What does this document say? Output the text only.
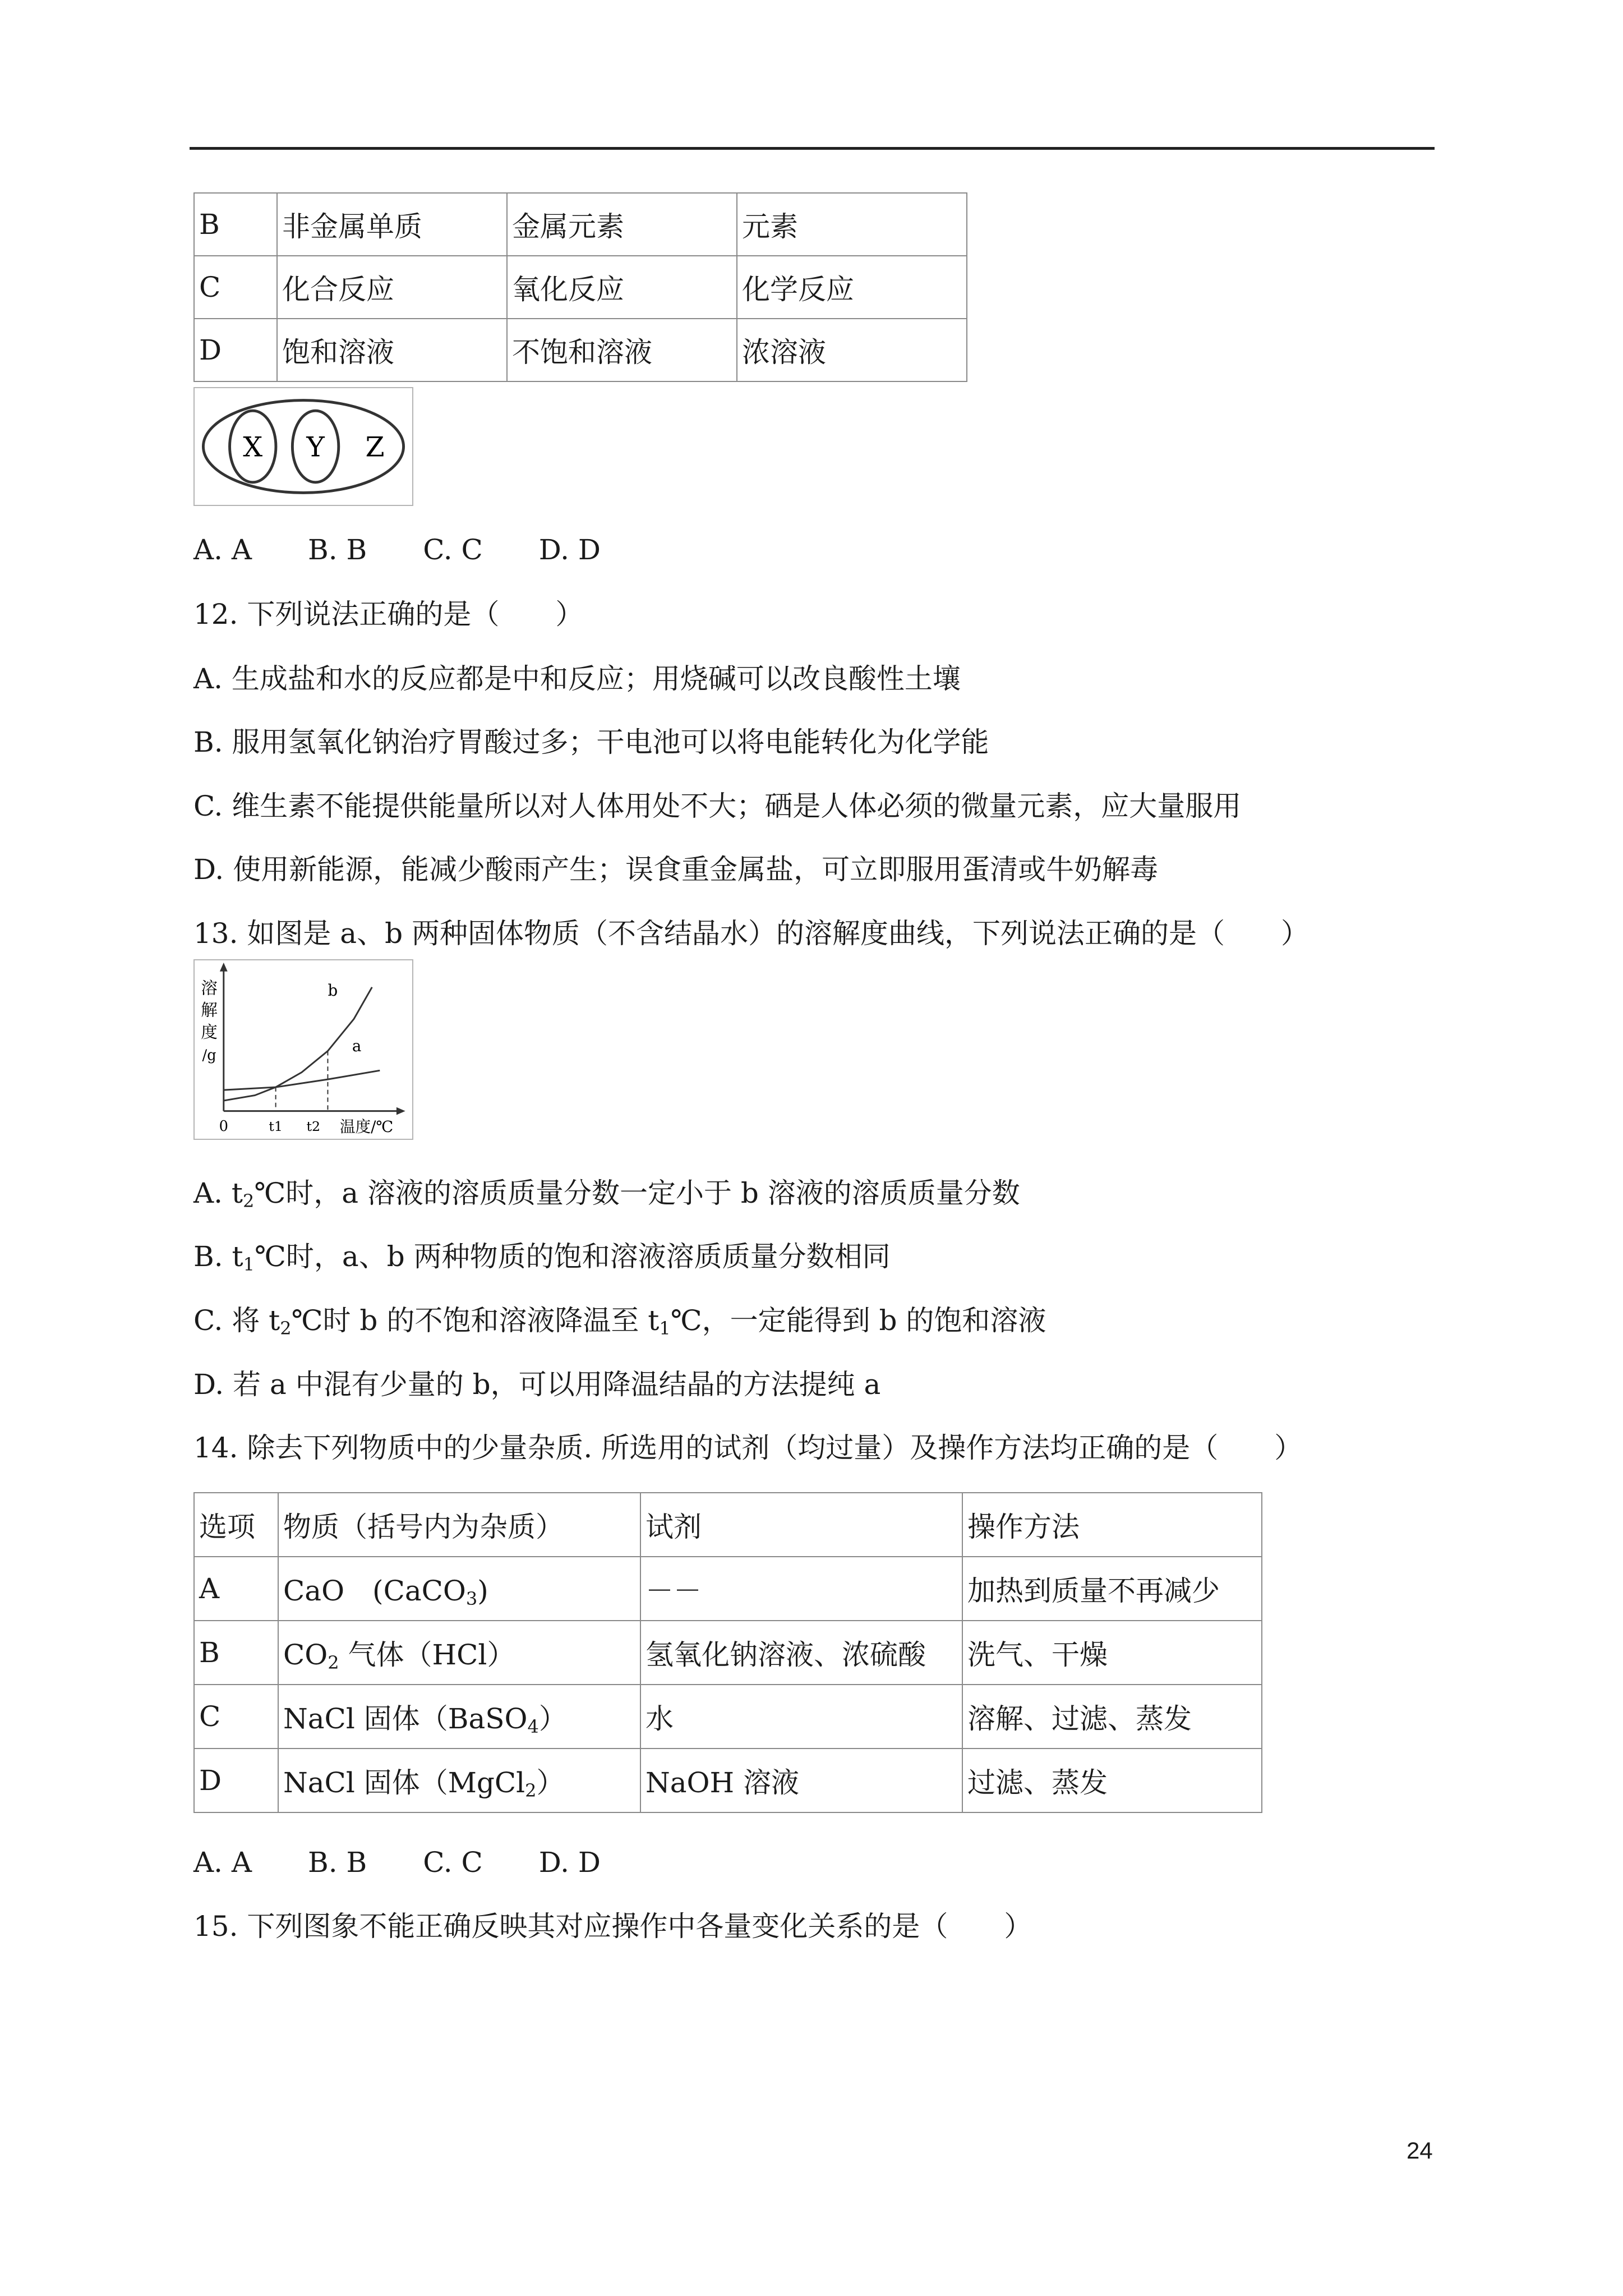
B	非金属单质	金属元素	元素
C	化合反应	氧化反应	化学反应
D	饱和溶液	不饱和溶液	浓溶液
X Y Z
A. A　　B. B　　C. C　　D. D
12. 下列说法正确的是（　　）
A. 生成盐和水的反应都是中和反应；用烧碱可以改良酸性土壤
B. 服用氢氧化钠治疗胃酸过多；干电池可以将电能转化为化学能
C. 维生素不能提供能量所以对人体用处不大；硒是人体必须的微量元素，应大量服用
D. 使用新能源，能减少酸雨产生；误食重金属盐，可立即服用蛋清或牛奶解毒
13. 如图是 a、b 两种固体物质（不含结晶水）的溶解度曲线，下列说法正确的是（　　）
溶
解
度
/g
0	t1 t2 温度/℃
b
a
A. $t_2℃$时，a 溶液的溶质质量分数一定小于 b 溶液的溶质质量分数
B. $t_1℃$时，a、b 两种物质的饱和溶液溶质质量分数相同
C. 将 $t_2℃$时 b 的不饱和溶液降温至 $t_1℃$，一定能得到 b 的饱和溶液
D. 若 a 中混有少量的 b，可以用降温结晶的方法提纯 a
14. 除去下列物质中的少量杂质. 所选用的试剂（均过量）及操作方法均正确的是（　　）
选项	物质（括号内为杂质）	试剂	操作方法
A	CaO　(CaCO$_3$)	－－	加热到质量不再减少
B	$CO_2$ 气体（HCl）	氢氧化钠溶液、浓硫酸	洗气、干燥
C	NaCl 固体（BaSO$_4$）	水	溶解、过滤、蒸发
D	NaCl 固体（MgCl$_2$）	NaOH 溶液	过滤、蒸发
A. A　　B. B　　C. C　　D. D
15. 下列图象不能正确反映其对应操作中各量变化关系的是（　　）
24
